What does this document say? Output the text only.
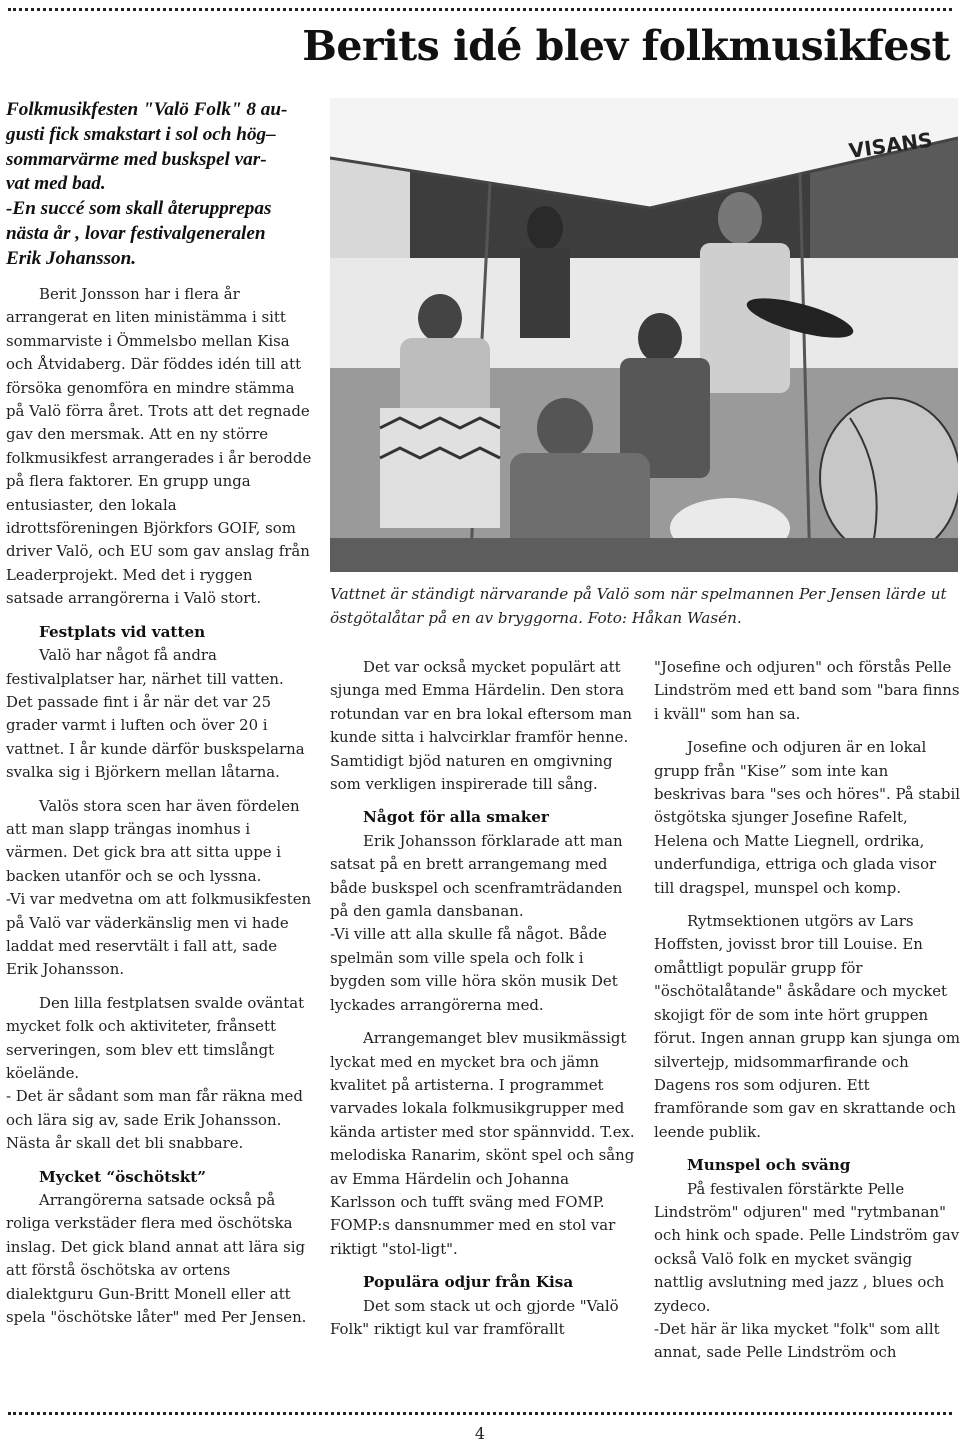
Berits idé blev folkmusikfest
Folkmusikfesten "Valö Folk" 8 au-
gusti fick smakstart i sol och hög–
sommarvärme med buskspel var-
vat med bad.
-En succé som skall återupprepas
nästa år , lovar festivalgeneralen
Erik Johansson.

Berit Jonsson har i flera år arrangerat en liten ministämma i sitt sommarviste i Ömmelsbo mellan Kisa och Åtvidaberg. Där föddes idén till att försöka genomföra en mindre stämma på Valö förra året. Trots att det regnade gav den mersmak. Att en ny större folkmusikfest arrangerades i år berodde på flera faktorer. En grupp unga entusiaster, den lokala idrottsföreningen Björkfors GOIF, som driver Valö, och EU som gav anslag från Leaderprojekt. Med det i ryggen satsade arrangörerna i Valö stort.

Festplats vid vatten

Valö har något få andra festivalplatser har, närhet till vatten. Det passade fint i år när det var 25 grader varmt i luften och över 20 i vattnet. I år kunde därför buskspelarna svalka sig i Björkern mellan låtarna.

Valös stora scen har även fördelen att man slapp trängas inomhus i värmen. Det gick bra att sitta uppe i backen utanför och se och lyssna.

-Vi var medvetna om att folkmusikfesten på Valö var väderkänslig men vi hade laddat med reservtält i fall att, sade Erik Johansson.

Den lilla festplatsen svalde oväntat mycket folk och aktiviteter, frånsett serveringen, som blev ett timslångt köelände.

- Det är sådant som man får räkna med och lära sig av, sade Erik Johansson. Nästa år skall det bli snabbare.

Mycket “öschötskt”

Arrangörerna satsade också på roliga verkstäder flera med öschötska inslag. Det gick bland annat att lära sig att förstå öschötska av ortens dialektguru Gun-Britt Monell eller att spela "öschötske låter" med Per Jensen.

VISANS
Vattnet är ständigt närvarande på Valö som när spelmannen Per Jensen lärde ut östgötalåtar på en av bryggorna. Foto: Håkan Wasén.

Det var också mycket populärt att sjunga med Emma Härdelin. Den stora rotundan var en bra lokal eftersom man kunde sitta i halvcirklar framför henne. Samtidigt bjöd naturen en omgivning som verkligen inspirerade till sång.

Något för alla smaker

Erik Johansson förklarade att man satsat på en brett arrangemang med både buskspel och scenframträdanden på den gamla dansbanan.

-Vi ville att alla skulle få något. Både spelmän som ville spela och folk i bygden som ville höra skön musik Det lyckades arrangörerna med.

Arrangemanget blev musikmässigt lyckat med en mycket bra och jämn kvalitet på artisterna. I programmet varvades lokala folkmusikgrupper med kända artister med stor spännvidd. T.ex. melodiska Ranarim, skönt spel och sång av Emma Härdelin och Johanna Karlsson och tufft sväng med FOMP. FOMP:s dansnummer med en stol var riktigt "stol-ligt".

Populära odjur från Kisa

Det som stack ut och gjorde "Valö Folk" riktigt kul var framförallt

"Josefine och odjuren" och förstås Pelle Lindström med ett band som "bara finns i kväll" som han sa.

Josefine och odjuren är en lokal grupp från "Kise” som inte kan beskrivas bara "ses och höres". På stabil östgötska sjunger Josefine Rafelt, Helena och Matte Liegnell, ordrika, underfundiga, ettriga och glada visor till dragspel, munspel och komp.

Rytmsektionen utgörs av Lars Hoffsten, jovisst bror till Louise. En omåttligt populär grupp för "öschötalåtande" åskådare och mycket skojigt för de som inte hört gruppen förut. Ingen annan grupp kan sjunga om silvertejp, midsommarfirande och Dagens ros som odjuren. Ett framförande som gav en skrattande och leende publik.

Munspel och sväng

På festivalen förstärkte Pelle Lindström" odjuren" med "rytmbanan" och hink och spade. Pelle Lindström gav också Valö folk en mycket svängig nattlig avslutning med jazz , blues och zydeco.

-Det här är lika mycket "folk" som allt annat, sade Pelle Lindström och

4
